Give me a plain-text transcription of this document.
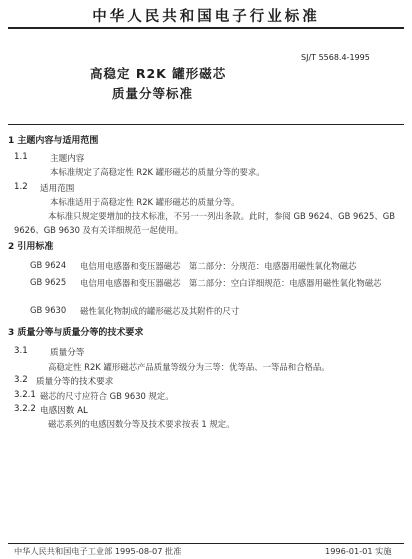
中华人民共和国电子行业标准
高稳定 R2K 罐形磁芯
质量分等标准
SJ/T 5568.4-1995
1 主题内容与适用范围
1.1	主题内容
本标准规定了高稳定性 R2K 罐形磁芯的质量分等的要求。
1.2 适用范围
本标准适用于高稳定性 R2K 罐形磁芯的质量分等。
本标准只规定要增加的技术标准，不另一一列出条款。此时，参阅 GB 9624、GB 9625、GB
9626、GB 9630 及有关详细规范一起使用。
2 引用标准
GB 9624 电信用电感器和变压器磁芯　第二部分：分规范：电感器用磁性氧化物磁芯
GB 9625 电信用电感器和变压器磁芯　第二部分：空白详细规范：电感器用磁性氧化物磁芯
GB 9630 磁性氧化物制成的罐形磁芯及其附件的尺寸
3 质量分等与质量分等的技术要求
3.1	质量分等
高稳定性 R2K 罐形磁芯产品质量等级分为三等：优等品、一等品和合格品。
3.2 质量分等的技术要求
3.2.1 磁芯的尺寸应符合 GB 9630 规定。
3.2.2 电感因数 AL
磁芯系列的电感因数分等及技术要求按表 1 规定。
中华人民共和国电子工业部 1995-08-07 批准	1996-01-01 实施
